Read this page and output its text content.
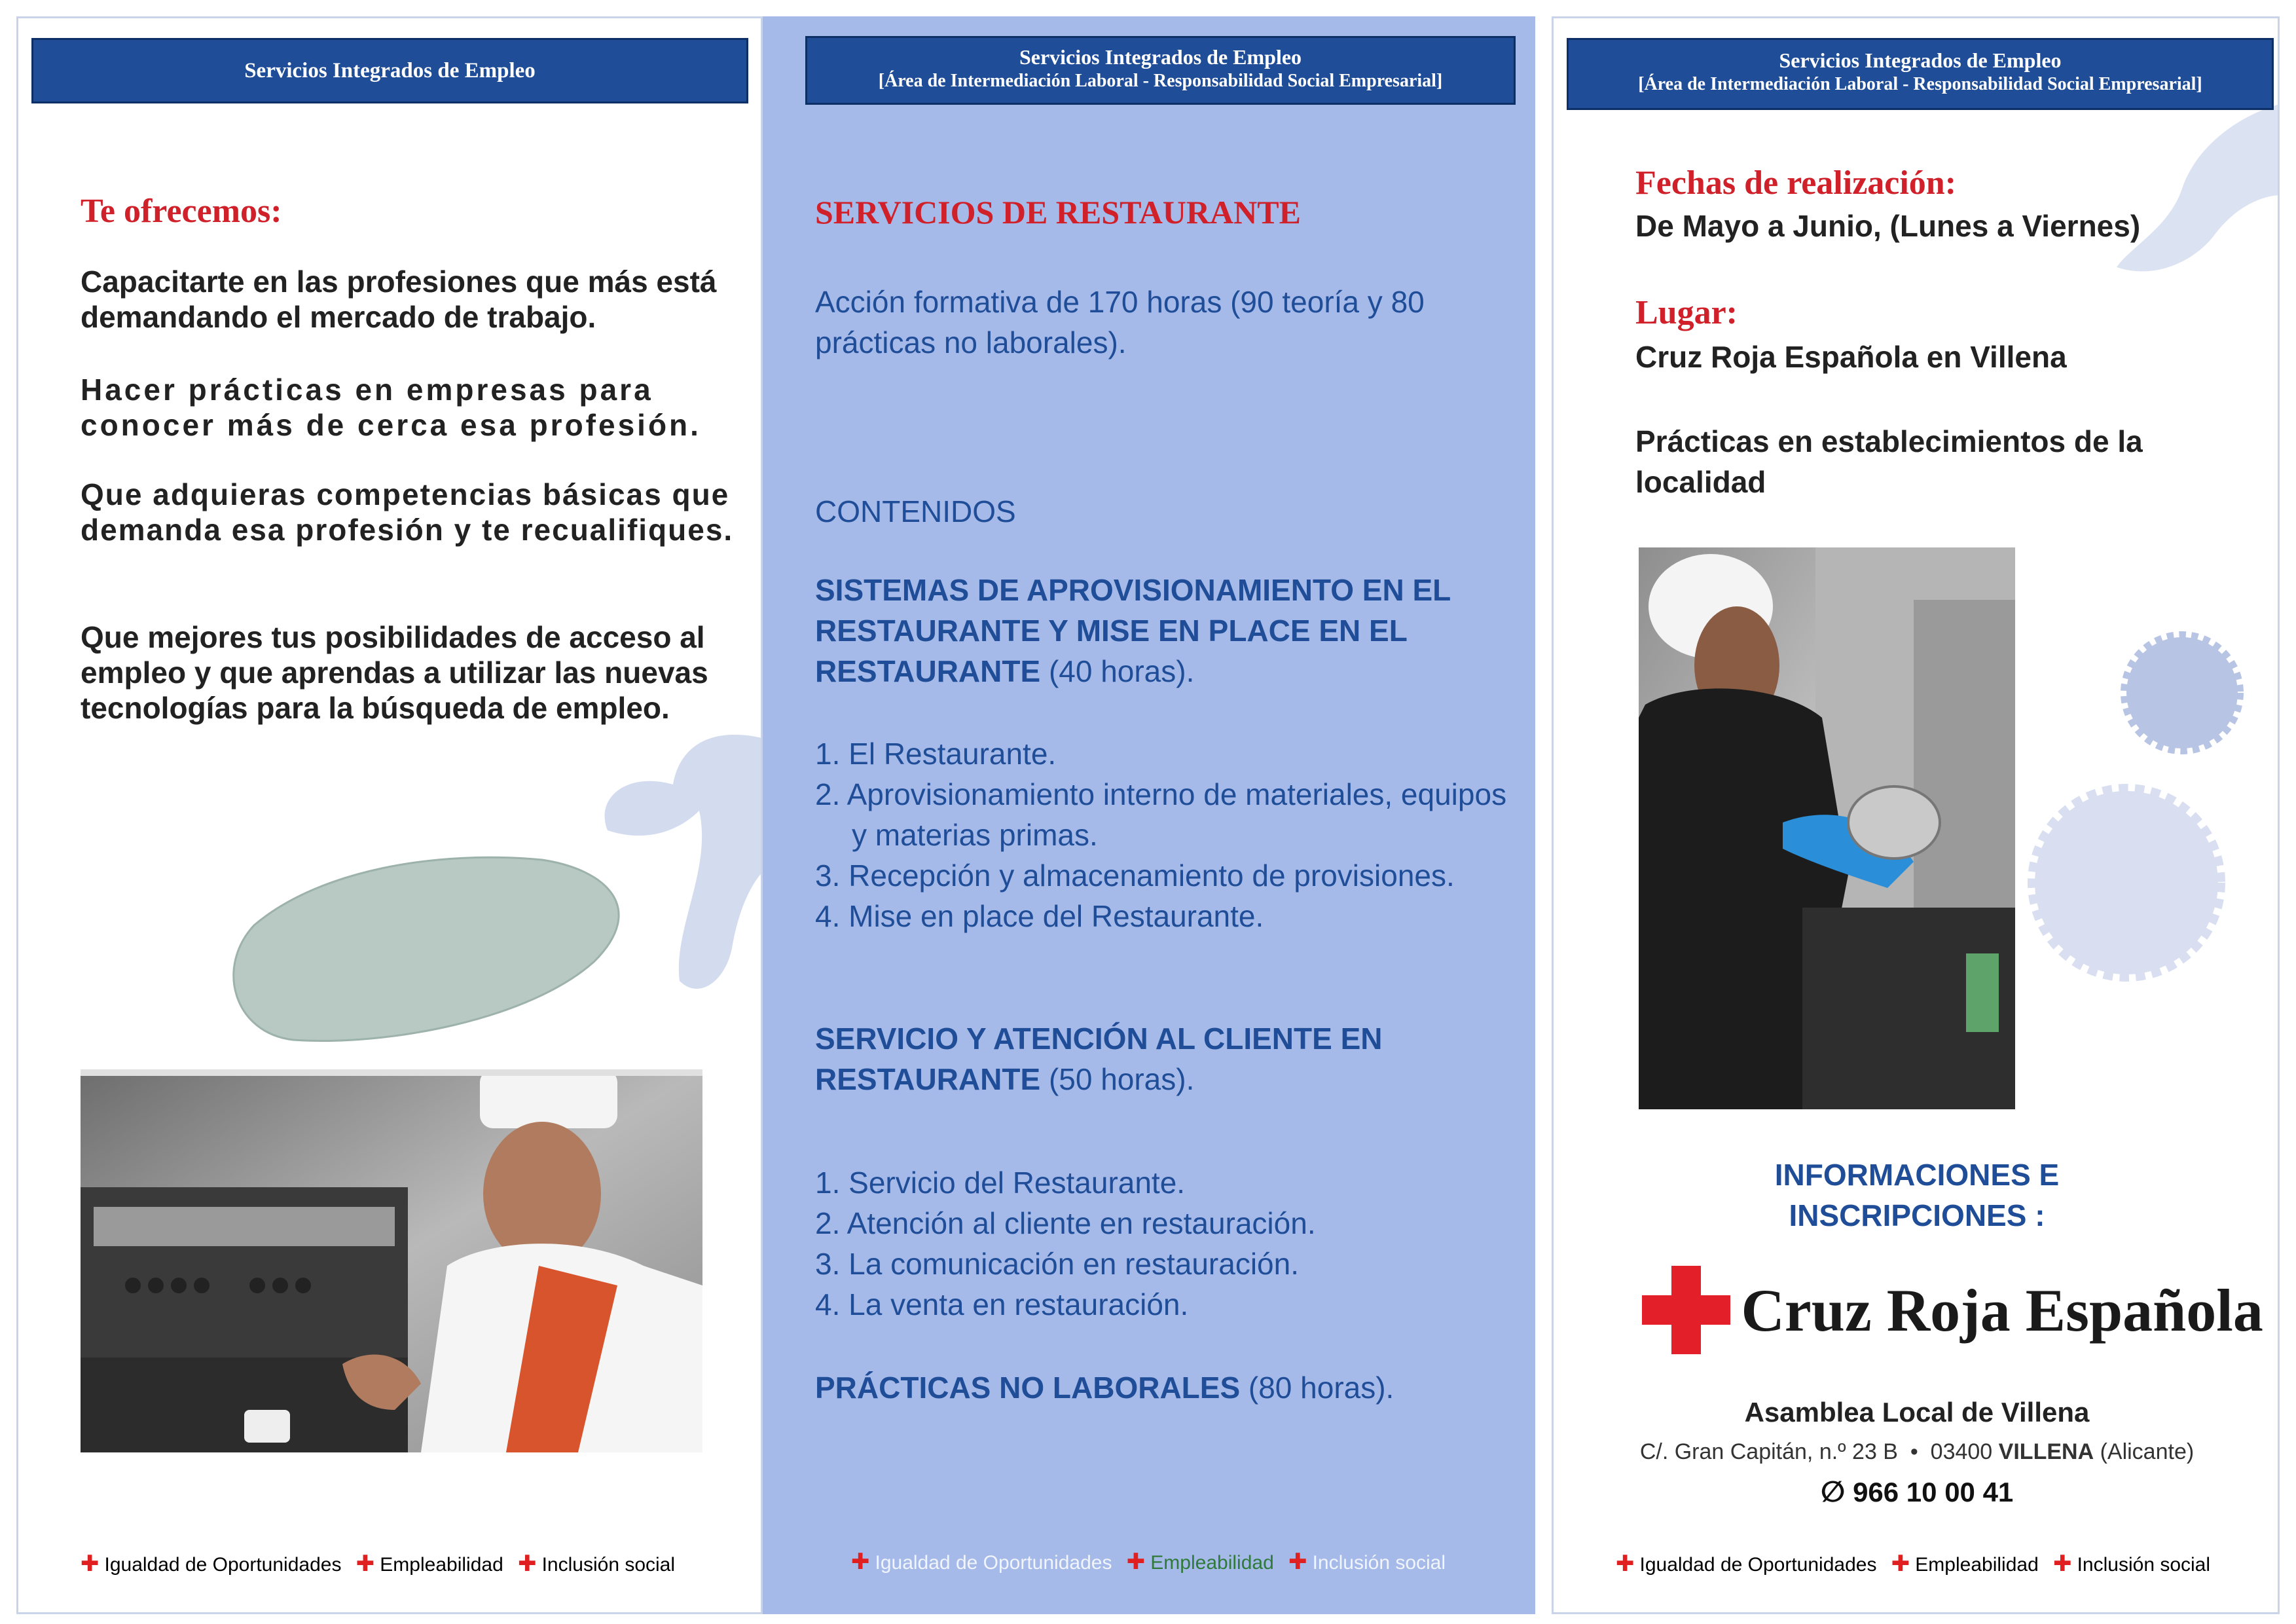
Servicios Integrados de Empleo
Te ofrecemos:
Capacitarte en las profesiones que más está demandando el mercado de trabajo.
Hacer prácticas en empresas para conocer más de cerca esa profesión.
Que adquieras competencias básicas que demanda esa profesión y te recualifiques.
Que mejores tus posibilidades de acceso al empleo y que aprendas a utilizar las nuevas tecnologías para la búsqueda de empleo.
✚ Igualdad de Oportunidades ✚ Empleabilidad ✚ Inclusión social
Servicios Integrados de Empleo
[Área de Intermediación Laboral - Responsabilidad Social Empresarial]
SERVICIOS DE RESTAURANTE
Acción formativa de 170 horas (90 teoría y 80 prácticas no laborales).
CONTENIDOS
SISTEMAS DE APROVISIONAMIENTO EN EL RESTAURANTE Y MISE EN PLACE EN EL RESTAURANTE (40 horas).
1. El Restaurante.
2. Aprovisionamiento interno de materiales, equipos y materias primas.
3. Recepción y almacenamiento de provisiones.
4. Mise en place del Restaurante.
SERVICIO Y ATENCIÓN AL CLIENTE EN RESTAURANTE (50 horas).
1. Servicio del Restaurante.
2. Atención al cliente en restauración.
3. La comunicación en restauración.
4. La venta en restauración.
PRÁCTICAS NO LABORALES (80 horas).
✚ Igualdad de Oportunidades ✚ Empleabilidad ✚ Inclusión social
Servicios Integrados de Empleo
[Área de Intermediación Laboral - Responsabilidad Social Empresarial]
Fechas de realización:
De Mayo a Junio, (Lunes a Viernes)
Lugar:
Cruz Roja Española en Villena
Prácticas en establecimientos de la localidad
INFORMACIONES E INSCRIPCIONES :
Cruz Roja Española
Asamblea Local de Villena
C/. Gran Capitán, n.º 23 B  •  03400 VILLENA (Alicante)
∅ 966 10 00 41
✚ Igualdad de Oportunidades ✚ Empleabilidad ✚ Inclusión social
